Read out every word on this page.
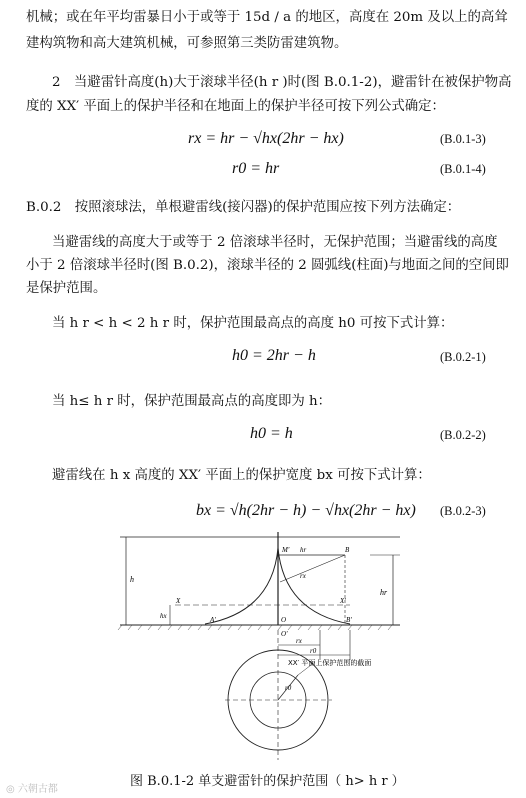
机械；或在年平均雷暴日小于或等于 15d / a 的地区，高度在 20m 及以上的高耸
建构筑物和高大建筑机械，可参照第三类防雷建筑物。
2　当避雷针高度(h)大于滚球半径(h r )时(图 B.0.1-2)，避雷针在被保护物高
度的 XX′ 平面上的保护半径和在地面上的保护半径可按下列公式确定：
rx = hr − √hx(2hr − hx)	(B.0.1-3)
r0 = hr	(B.0.1-4)
B.0.2　按照滚球法，单根避雷线(接闪器)的保护范围应按下列方法确定：
当避雷线的高度大于或等于 2 倍滚球半径时，无保护范围；当避雷线的高度
小于 2 倍滚球半径时(图 B.0.2)，滚球半径的 2 圆弧线(柱面)与地面之间的空间即
是保护范围。
当 h r < h < 2 h r 时，保护范围最高点的高度 h0 可按下式计算：
h0 = 2hr − h	(B.0.2-1)
当 h≤ h r 时，保护范围最高点的高度即为 h：
h0 = h	(B.0.2-2)
避雷线在 h x 高度的 XX′ 平面上的保护宽度 bx 可按下式计算：
bx = √h(2hr − h) − √hx(2hr − hx) (B.0.2-3)
h
hr
hr
hx
B
M'
rx
X	X'
A'	B'
O
O'
rx
r0
r0
XX′ 平面上保护范围的截面
图 B.0.1-2 单支避雷针的保护范围（ h> h r ）
◎ 六朝古都
